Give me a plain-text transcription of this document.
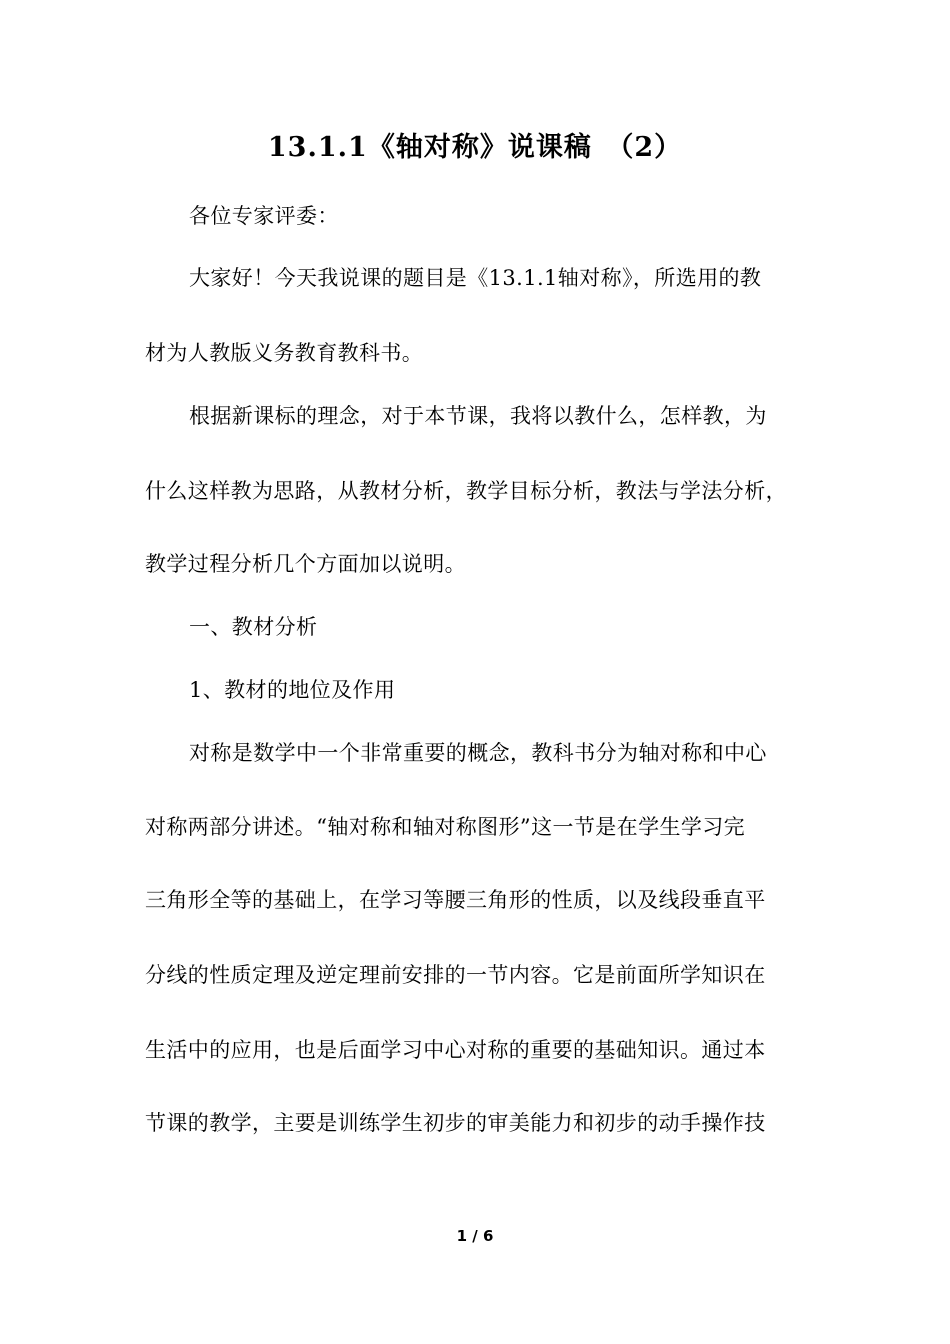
13.1.1《轴对称》说课稿　（2）
各位专家评委：
大家好！今天我说课的题目是《13.1.1轴对称》，所选用的教
材为人教版义务教育教科书。
根据新课标的理念，对于本节课，我将以教什么，怎样教，为
什么这样教为思路，从教材分析，教学目标分析，教法与学法分析，
教学过程分析几个方面加以说明。
一、教材分析
1、教材的地位及作用
对称是数学中一个非常重要的概念，教科书分为轴对称和中心
对称两部分讲述。“轴对称和轴对称图形”这一节是在学生学习完
三角形全等的基础上，在学习等腰三角形的性质，以及线段垂直平
分线的性质定理及逆定理前安排的一节内容。它是前面所学知识在
生活中的应用，也是后面学习中心对称的重要的基础知识。通过本
节课的教学，主要是训练学生初步的审美能力和初步的动手操作技
1 / 6
